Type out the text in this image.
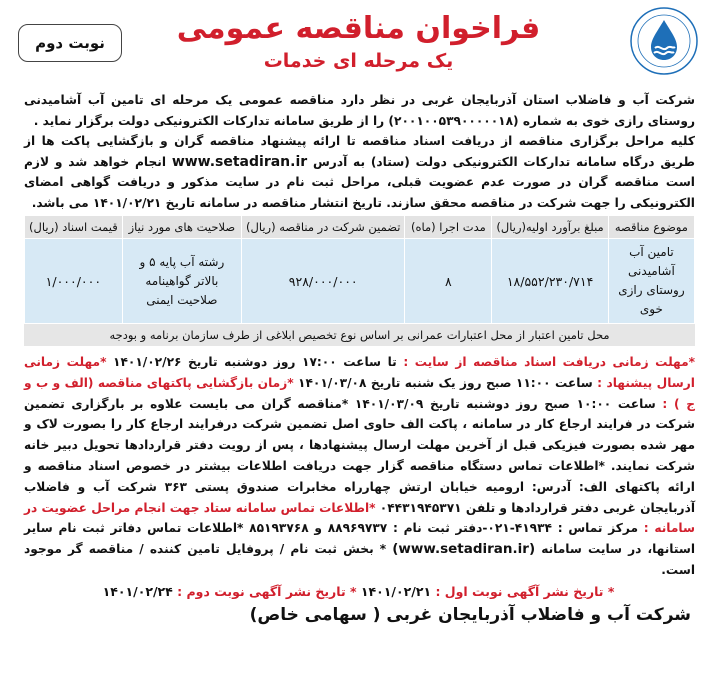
فراخوان مناقصه عمومی
یک مرحله ای خدمات
نوبت دوم

شرکت آب و فاضلاب استان آذربایجان غربی در نظر دارد مناقصه عمومی یک مرحله ای تامین آب آشامیدنی روستای رازی خوی به شماره (۲۰۰۱۰۰۵۳۹۰۰۰۰۰۱۸) را از طریق سامانه تدارکات الکترونیکی دولت برگزار نماید .

کلیه مراحل برگزاری مناقصه از دریافت اسناد مناقصه تا ارائه پیشنهاد مناقصه گران و بازگشایی پاکت ها از طریق درگاه سامانه تدارکات الکترونیکی دولت (ستاد) به آدرس www.setadiran.ir انجام خواهد شد و لازم است مناقصه گران در صورت عدم عضویت قبلی، مراحل ثبت نام در سایت مذکور و دریافت گواهی امضای الکترونیکی را جهت شرکت در مناقصه محقق سازند. تاریخ انتشار مناقصه در سامانه تاریخ ۱۴۰۱/۰۲/۲۱ می باشد.

موضوع مناقصه	مبلغ برآورد اولیه(ریال)	مدت اجرا (ماه)	تضمین شرکت در مناقصه (ریال)	صلاحیت های مورد نیاز	قیمت اسناد (ریال)
تامین آب آشامیدنی روستای رازی خوی	۱۸/۵۵۲/۲۳۰/۷۱۴	۸	۹۲۸/۰۰۰/۰۰۰	رشته آب پایه ۵ و بالاتر گواهینامه صلاحیت ایمنی	۱/۰۰۰/۰۰۰
محل تامین اعتبار از محل اعتبارات عمرانی بر اساس نوع تخصیص ابلاغی از طرف سازمان برنامه و بودجه

*مهلت زمانی دریافت اسناد مناقصه از سایت : تا ساعت ۱۷:۰۰ روز دوشنبه تاریخ ۱۴۰۱/۰۲/۲۶ *مهلت زمانی ارسال پیشنهاد : ساعت ۱۱:۰۰ صبح روز یک شنبه تاریخ ۱۴۰۱/۰۳/۰۸ *زمان بازگشایی پاکتهای مناقصه (الف و ب و ج ) : ساعت ۱۰:۰۰ صبح روز دوشنبه تاریخ ۱۴۰۱/۰۳/۰۹ *مناقصه گران می بایست علاوه بر بارگزاری تضمین شرکت در فرایند ارجاع کار در سامانه ، پاکت الف حاوی اصل تضمین شرکت درفرایند ارجاع کار را بصورت لاک و مهر شده بصورت فیزیکی قبل از آخرین مهلت ارسال پیشنهادها ، پس از رویت دفتر قراردادها تحویل دبیر خانه شرکت نمایند. *اطلاعات تماس دستگاه مناقصه گزار جهت دریافت اطلاعات بیشتر در خصوص اسناد مناقصه و ارائه پاکتهای الف: آدرس: ارومیه خیابان ارتش چهارراه مخابرات صندوق پستی ۳۶۳ شرکت آب و فاضلاب آذربایجان غربی دفتر قراردادها و تلفن ۰۴۴۳۱۹۴۵۳۷۱ *اطلاعات تماس سامانه ستاد جهت انجام مراحل عضویت در سامانه : مرکز تماس : ۴۱۹۳۴-۰۲۱-دفتر ثبت نام : ۸۸۹۶۹۷۳۷ و ۸۵۱۹۳۷۶۸ *اطلاعات تماس دفاتر ثبت نام سایر استانها، در سایت سامانه (www.setadiran.ir) * بخش ثبت نام / پروفایل تامین کننده / مناقصه گر موجود است.

* تاریخ نشر آگهی نوبت اول : ۱۴۰۱/۰۲/۲۱ * تاریخ نشر آگهی نوبت دوم : ۱۴۰۱/۰۲/۲۴
شرکت آب و فاضلاب آذربایجان غربی ( سهامی خاص)
